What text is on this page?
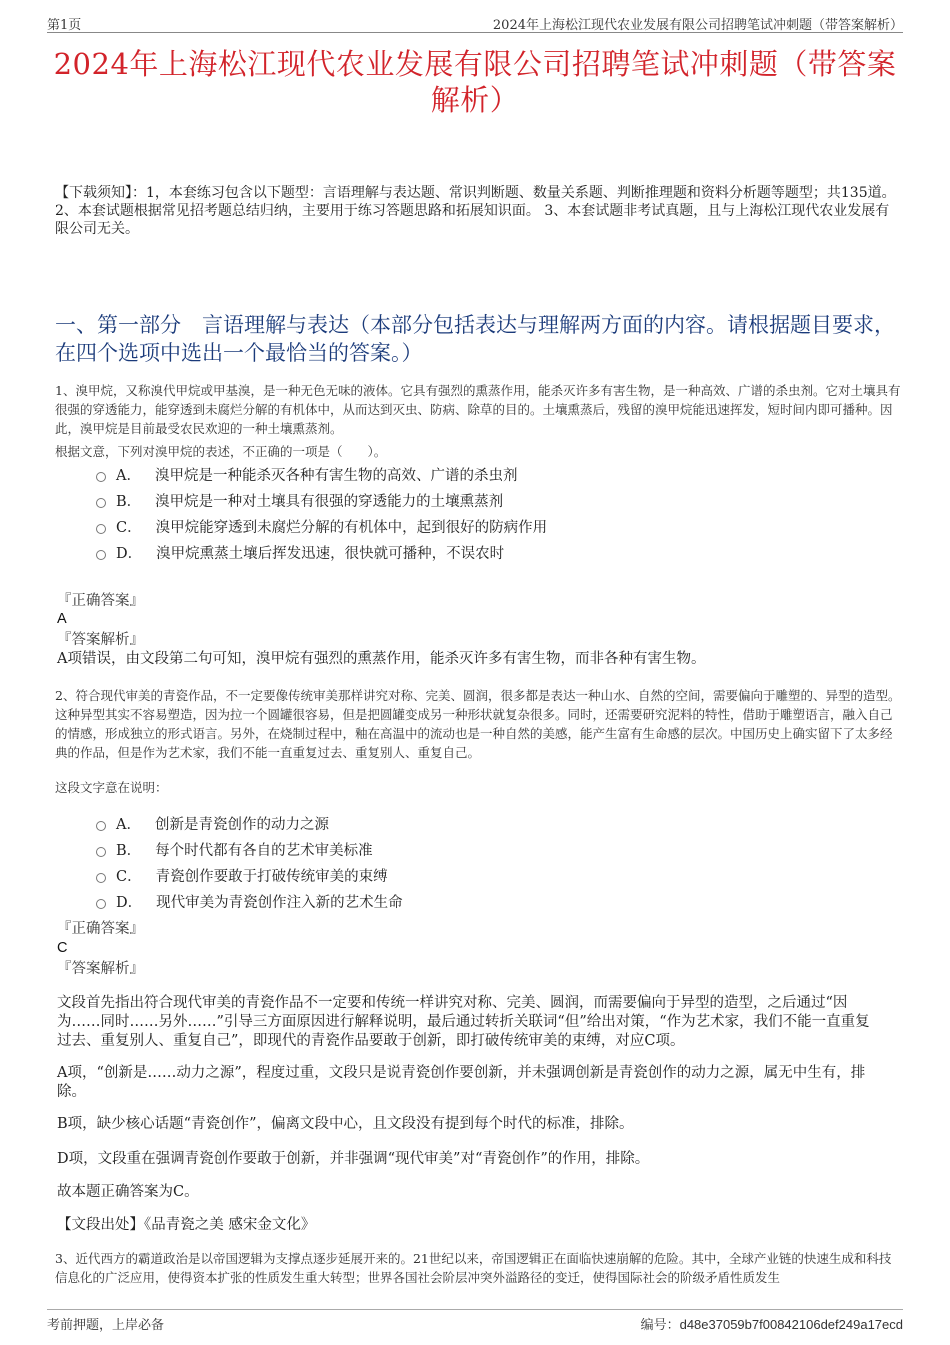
第1页	2024年上海松江现代农业发展有限公司招聘笔试冲刺题（带答案解析）
2024年上海松江现代农业发展有限公司招聘笔试冲刺题（带答案解析）
【下载须知】：1，本套练习包含以下题型：言语理解与表达题、常识判断题、数量关系题、判断推理题和资料分析题等题型；共135道。 2、本套试题根据常见招考题总结归纳，主要用于练习答题思路和拓展知识面。 3、本套试题非考试真题，且与上海松江现代农业发展有限公司无关。
一、第一部分　言语理解与表达（本部分包括表达与理解两方面的内容。请根据题目要求，在四个选项中选出一个最恰当的答案。）
1、溴甲烷，又称溴代甲烷或甲基溴，是一种无色无味的液体。它具有强烈的熏蒸作用，能杀灭许多有害生物，是一种高效、广谱的杀虫剂。它对土壤具有很强的穿透能力，能穿透到未腐烂分解的有机体中，从而达到灭虫、防病、除草的目的。土壤熏蒸后，残留的溴甲烷能迅速挥发，短时间内即可播种。因此，溴甲烷是目前最受农民欢迎的一种土壤熏蒸剂。
根据文意，下列对溴甲烷的表述，不正确的一项是（　　）。
A． 溴甲烷是一种能杀灭各种有害生物的高效、广谱的杀虫剂
B． 溴甲烷是一种对土壤具有很强的穿透能力的土壤熏蒸剂
C． 溴甲烷能穿透到未腐烂分解的有机体中，起到很好的防病作用
D． 溴甲烷熏蒸土壤后挥发迅速，很快就可播种，不误农时
『正确答案』
A
『答案解析』
A项错误，由文段第二句可知，溴甲烷有强烈的熏蒸作用，能杀灭许多有害生物，而非各种有害生物。
2、符合现代审美的青瓷作品，不一定要像传统审美那样讲究对称、完美、圆润，很多都是表达一种山水、自然的空间，需要偏向于雕塑的、异型的造型。这种异型其实不容易塑造，因为拉一个圆罐很容易，但是把圆罐变成另一种形状就复杂很多。同时，还需要研究泥料的特性，借助于雕塑语言，融入自己的情感，形成独立的形式语言。另外，在烧制过程中，釉在高温中的流动也是一种自然的美感，能产生富有生命感的层次。中国历史上确实留下了太多经典的作品，但是作为艺术家，我们不能一直重复过去、重复别人、重复自己。
这段文字意在说明：
A． 创新是青瓷创作的动力之源
B． 每个时代都有各自的艺术审美标准
C． 青瓷创作要敢于打破传统审美的束缚
D． 现代审美为青瓷创作注入新的艺术生命
『正确答案』
C
『答案解析』
文段首先指出符合现代审美的青瓷作品不一定要和传统一样讲究对称、完美、圆润，而需要偏向于异型的造型，之后通过“因为……同时……另外……”引导三方面原因进行解释说明，最后通过转折关联词“但”给出对策，“作为艺术家，我们不能一直重复过去、重复别人、重复自己”，即现代的青瓷作品要敢于创新，即打破传统审美的束缚，对应C项。
A项，“创新是……动力之源”，程度过重，文段只是说青瓷创作要创新，并未强调创新是青瓷创作的动力之源，属无中生有，排除。
B项，缺少核心话题“青瓷创作”，偏离文段中心，且文段没有提到每个时代的标准，排除。
D项，文段重在强调青瓷创作要敢于创新，并非强调“现代审美”对“青瓷创作”的作用，排除。
故本题正确答案为C。
【文段出处】《品青瓷之美 感宋金文化》
3、近代西方的霸道政治是以帝国逻辑为支撑点逐步延展开来的。21世纪以来，帝国逻辑正在面临快速崩解的危险。其中，全球产业链的快速生成和科技信息化的广泛应用，使得资本扩张的性质发生重大转型；世界各国社会阶层冲突外溢路径的变迁，使得国际社会的阶级矛盾性质发生
考前押题，上岸必备	编号：d48e37059b7f00842106def249a17ecd
